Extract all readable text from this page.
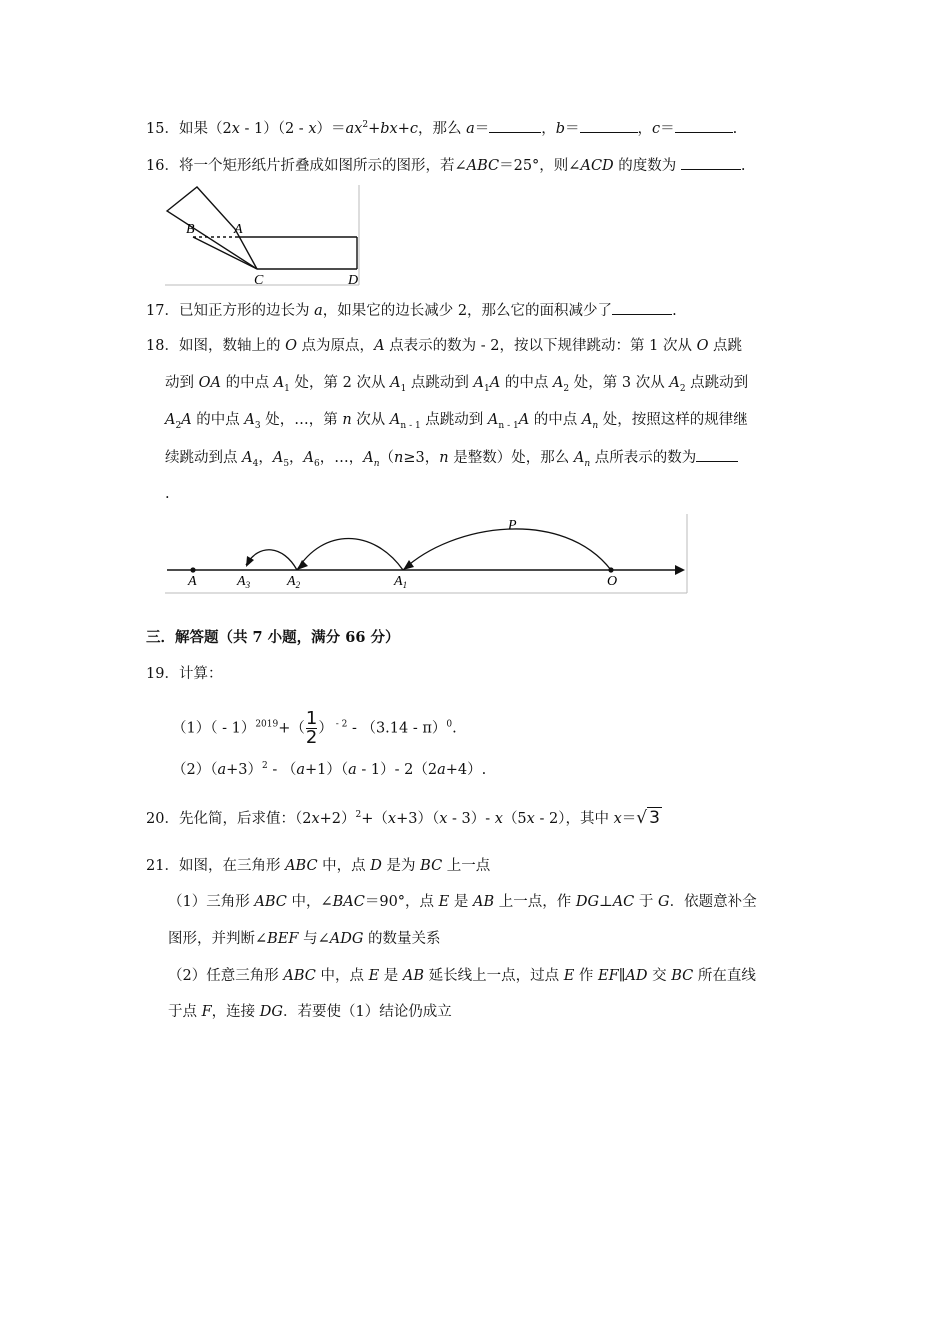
15．如果$(2x - 1)(2 - x)=ax^2+bx+c$，那么 a＝	，b＝	，c＝	.
16．将一个矩形纸片折叠成如图所示的图形，若∠ABC＝25°，则∠ACD 的度数为	.
B	A
C	D
17．已知正方形的边长为 a，如果它的边长减少 2，那么它的面积减少了	.
18．如图，数轴上的 O 点为原点，A 点表示的数为 - 2，按以下规律跳动：第 1 次从 O 点跳
动到 OA 的中点 $A_1$ 处，第 2 次从 $A_1$ 点跳动到 $A_1A$ 的中点 $A_2$ 处，第 3 次从 $A_2$ 点跳动到
$A_2A$ 的中点 $A_3$ 处，…，第 n 次从 $A_{n - 1}$ 点跳动到 $A_{n - 1}A$ 的中点 $A_n$ 处，按照这样的规律继
续跳动到点 $A_4$，$A_5$，$A_6$，…，$A_n(n\ge 3$，n 是整数）处，那么 $A_n$ 点所表示的数为
.
A	$A_3$	$A_2$	$A_1$	O
P
三．解答题（共 7 小题，满分 66 分）
19．计算：
$(1)( - 1)^{2019}+( \frac{1}{2}$ ） $^{- 2}$ - （3.14 - π）$^0$.
$(2)(a+3)^2 - (a+1)(a - 1)-$ 2（2a+4）.
20．先化简，后求值：$(2x+2)^2+(x+3)(x - 3)-$ x（5x - 2），其中 x＝√ 3
21．如图，在三角形 ABC 中，点 D 是为 BC 上一点
（1）三角形 ABC 中，∠BAC＝90°，点 E 是 AB 上一点，作 DG⊥AC 于 G．依题意补全
图形，并判断∠BEF 与∠ADG 的数量关系
（2）任意三角形 ABC 中，点 E 是 AB 延长线上一点，过点 E 作 EF∥AD 交 BC 所在直线
于点 F，连接 DG．若要使（1）结论仍成立
